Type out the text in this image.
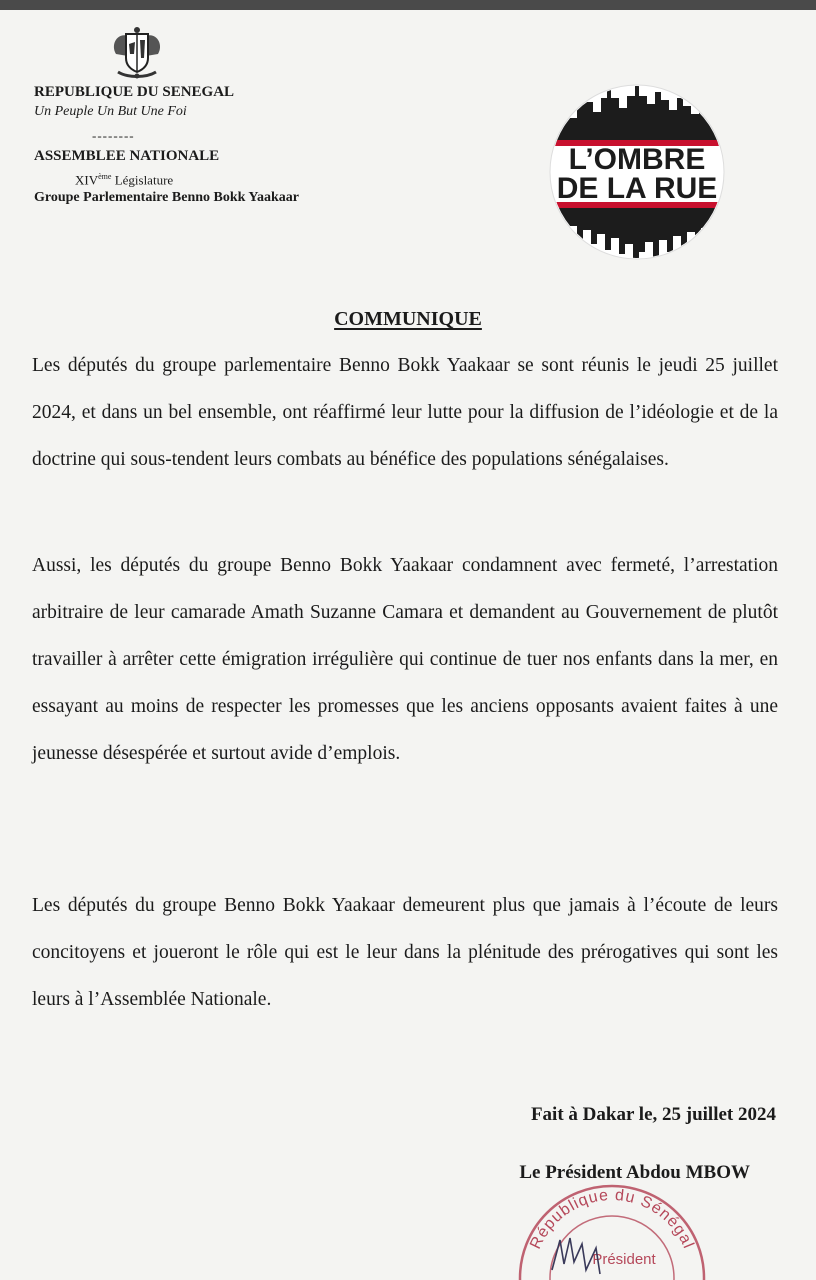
REPUBLIQUE DU SENEGAL
Un Peuple Un But Une Foi
--------
ASSEMBLEE NATIONALE
XIVème Législature
Groupe Parlementaire Benno Bokk Yaakaar
L’OMBRE
DE LA RUE
COMMUNIQUE

Les députés du groupe parlementaire Benno Bokk Yaakaar se sont réunis le jeudi 25 juillet 2024, et dans un bel ensemble, ont réaffirmé leur lutte pour la diffusion de l’idéologie et de la doctrine qui sous-tendent leurs combats au bénéfice des populations sénégalaises.

Aussi, les députés du groupe Benno Bokk Yaakaar condamnent avec fermeté, l’arrestation arbitraire de leur camarade Amath Suzanne Camara et demandent au Gouvernement de plutôt travailler à arrêter cette émigration irrégulière qui continue de tuer nos enfants dans la mer, en essayant au moins de respecter les promesses que les anciens opposants avaient faites à une jeunesse désespérée et surtout avide d’emplois.

Les députés du groupe Benno Bokk Yaakaar demeurent plus que jamais à l’écoute de leurs concitoyens et joueront le rôle qui est le leur dans la plénitude des prérogatives qui sont les leurs à l’Assemblée Nationale.

Fait à Dakar le, 25 juillet 2024
Le Président Abdou MBOW
République du Sénégal
Président
